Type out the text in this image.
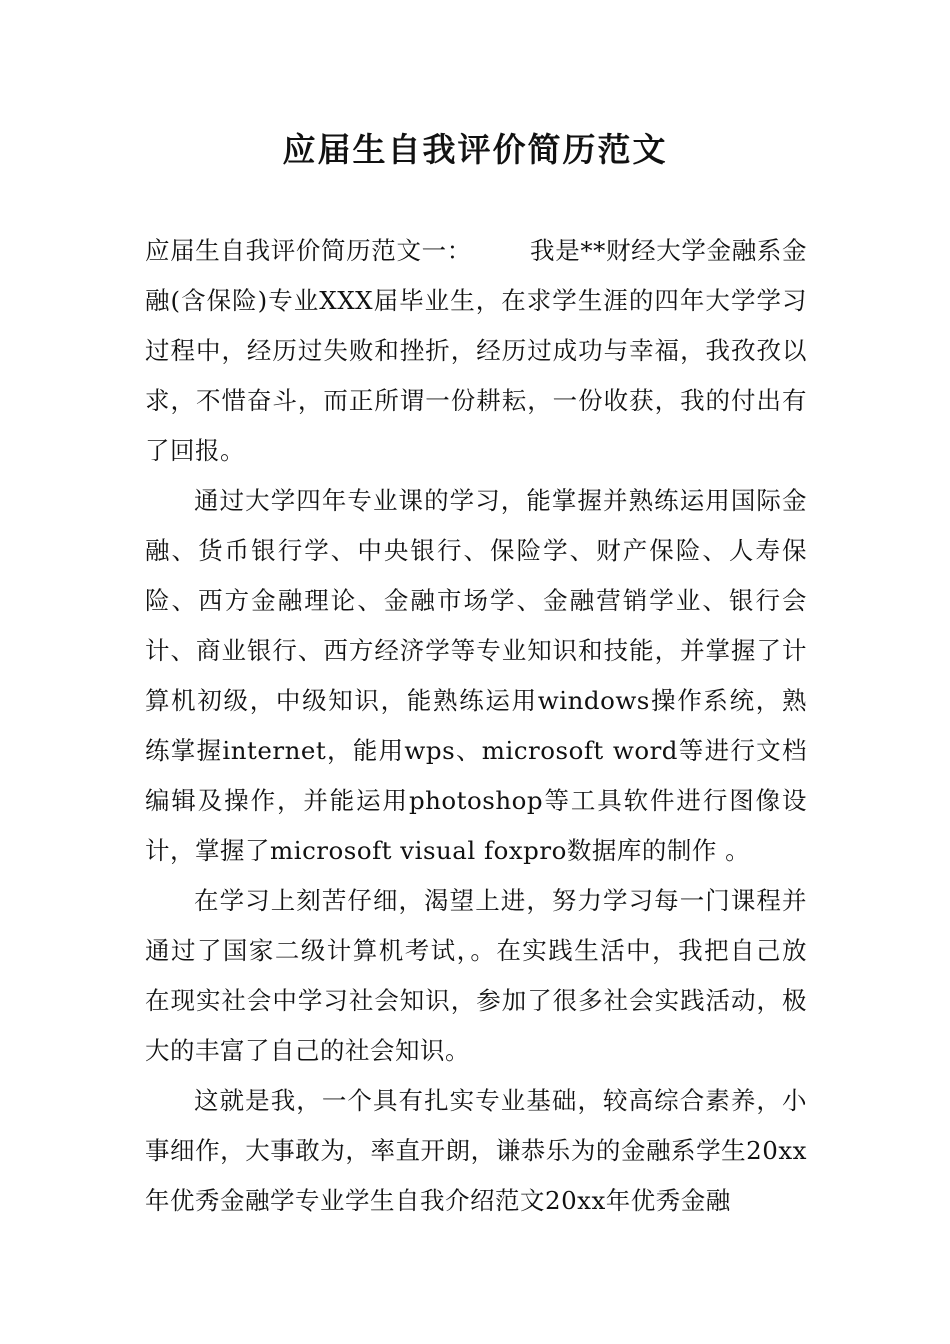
应届生自我评价简历范文

应届生自我评价简历范文一： 我是**财经大学金融系金融(含保险)专业XXX届毕业生，在求学生涯的四年大学学习过程中，经历过失败和挫折，经历过成功与幸福，我孜孜以求，不惜奋斗，而正所谓一份耕耘，一份收获，我的付出有了回报。

通过大学四年专业课的学习，能掌握并熟练运用国际金融、货币银行学、中央银行、保险学、财产保险、人寿保险、西方金融理论、金融市场学、金融营销学业、银行会计、商业银行、西方经济学等专业知识和技能，并掌握了计算机初级，中级知识，能熟练运用windows操作系统，熟练掌握internet，能用wps、microsoft word等进行文档编辑及操作，并能运用photoshop等工具软件进行图像设计，掌握了microsoft visual foxpro数据库的制作 。

在学习上刻苦仔细，渴望上进，努力学习每一门课程并通过了国家二级计算机考试，。在实践生活中，我把自己放在现实社会中学习社会知识，参加了很多社会实践活动，极大的丰富了自己的社会知识。

这就是我，一个具有扎实专业基础，较高综合素养，小事细作，大事敢为，率直开朗，谦恭乐为的金融系学生20xx年优秀金融学专业学生自我介绍范文20xx年优秀金融
